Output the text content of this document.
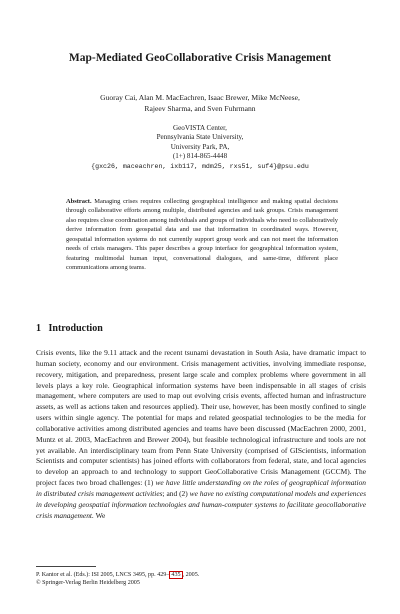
Map-Mediated GeoCollaborative Crisis Management
Guoray Cai, Alan M. MacEachren, Isaac Brewer, Mike McNeese,
Rajeev Sharma, and Sven Fuhrmann
GeoVISTA Center,
Pennsylvania State University,
University Park, PA,
(1+) 814-865-4448
{gxc26, maceachren, ixb117, mdm25, rxs51, suf4}@psu.edu
Abstract. Managing crises requires collecting geographical intelligence and making spatial decisions through collaborative efforts among multiple, distributed agencies and task groups. Crisis management also requires close coordination among individuals and groups of individuals who need to collaboratively derive information from geospatial data and use that information in coordinated ways. However, geospatial information systems do not currently support group work and can not meet the information needs of crisis managers. This paper describes a group interface for geographical information system, featuring multimodal human input, conversational dialogues, and same-time, different place communications among teams.
1 Introduction
Crisis events, like the 9.11 attack and the recent tsunami devastation in South Asia, have dramatic impact to human society, economy and our environment. Crisis management activities, involving immediate response, recovery, mitigation, and preparedness, present large scale and complex problems where government in all levels plays a key role. Geographical information systems have been indispensable in all stages of crisis management, where computers are used to map out evolving crisis events, affected human and infrastructure assets, as well as actions taken and resources applied). Their use, however, has been mostly confined to single users within single agency. The potential for maps and related geospatial technologies to be the media for collaborative activities among distributed agencies and teams have been discussed (MacEachren 2000, 2001, Muntz et al. 2003, MacEachren and Brewer 2004), but feasible technological infrastructure and tools are not yet available. An interdisciplinary team from Penn State University (comprised of GIScientists, information Scientists and computer scientists) has joined efforts with collaborators from federal, state, and local agencies to develop an approach to and technology to support GeoCollaborative Crisis Management (GCCM). The project faces two broad challenges: (1) we have little understanding on the roles of geographical information in distributed crisis management activities; and (2) we have no existing computational models and experiences in developing geospatial information technologies and human-computer systems to facilitate geocollaborative crisis management. We
P. Kantor et al. (Eds.): ISI 2005, LNCS 3495, pp. 429– 435 , 2005.
© Springer-Verlag Berlin Heidelberg 2005
